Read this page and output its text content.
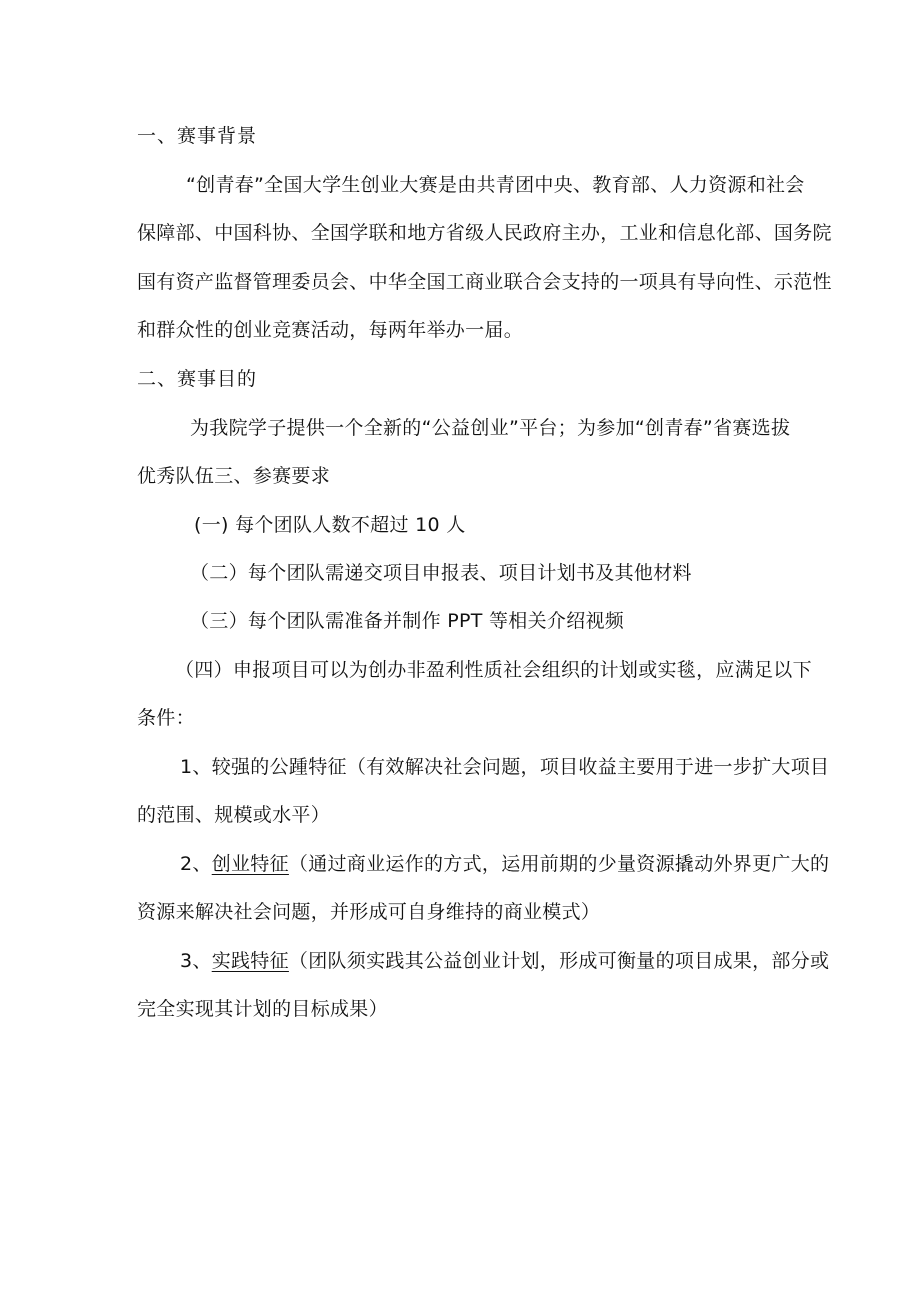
一、赛事背景
“创青春”全国大学生创业大赛是由共青团中央、教育部、人力资源和社会
保障部、中国科协、全国学联和地方省级人民政府主办，工业和信息化部、国务院
国有资产监督管理委员会、中华全国工商业联合会支持的一项具有导向性、示范性
和群众性的创业竞赛活动，每两年举办一届。
二、赛事目的
为我院学子提供一个全新的“公益创业”平台；为参加“创青春”省赛选拔
优秀队伍三、参赛要求
(一) 每个团队人数不超过 10 人
（二）每个团队需递交项目申报表、项目计划书及其他材料
（三）每个团队需准备并制作 PPT 等相关介绍视频
（四）申报项目可以为创办非盈利性质社会组织的计划或实毯，应满足以下
条件：
1、较强的公踵特征（有效解决社会问题，项目收益主要用于进一步扩大项目
的范围、规模或水平）
2、创业特征（通过商业运作的方式，运用前期的少量资源撬动外界更广大的
资源来解决社会问题，并形成可自身维持的商业模式）
3、实践特征（团队须实践其公益创业计划，形成可衡量的项目成果，部分或
完全实现其计划的目标成果）
